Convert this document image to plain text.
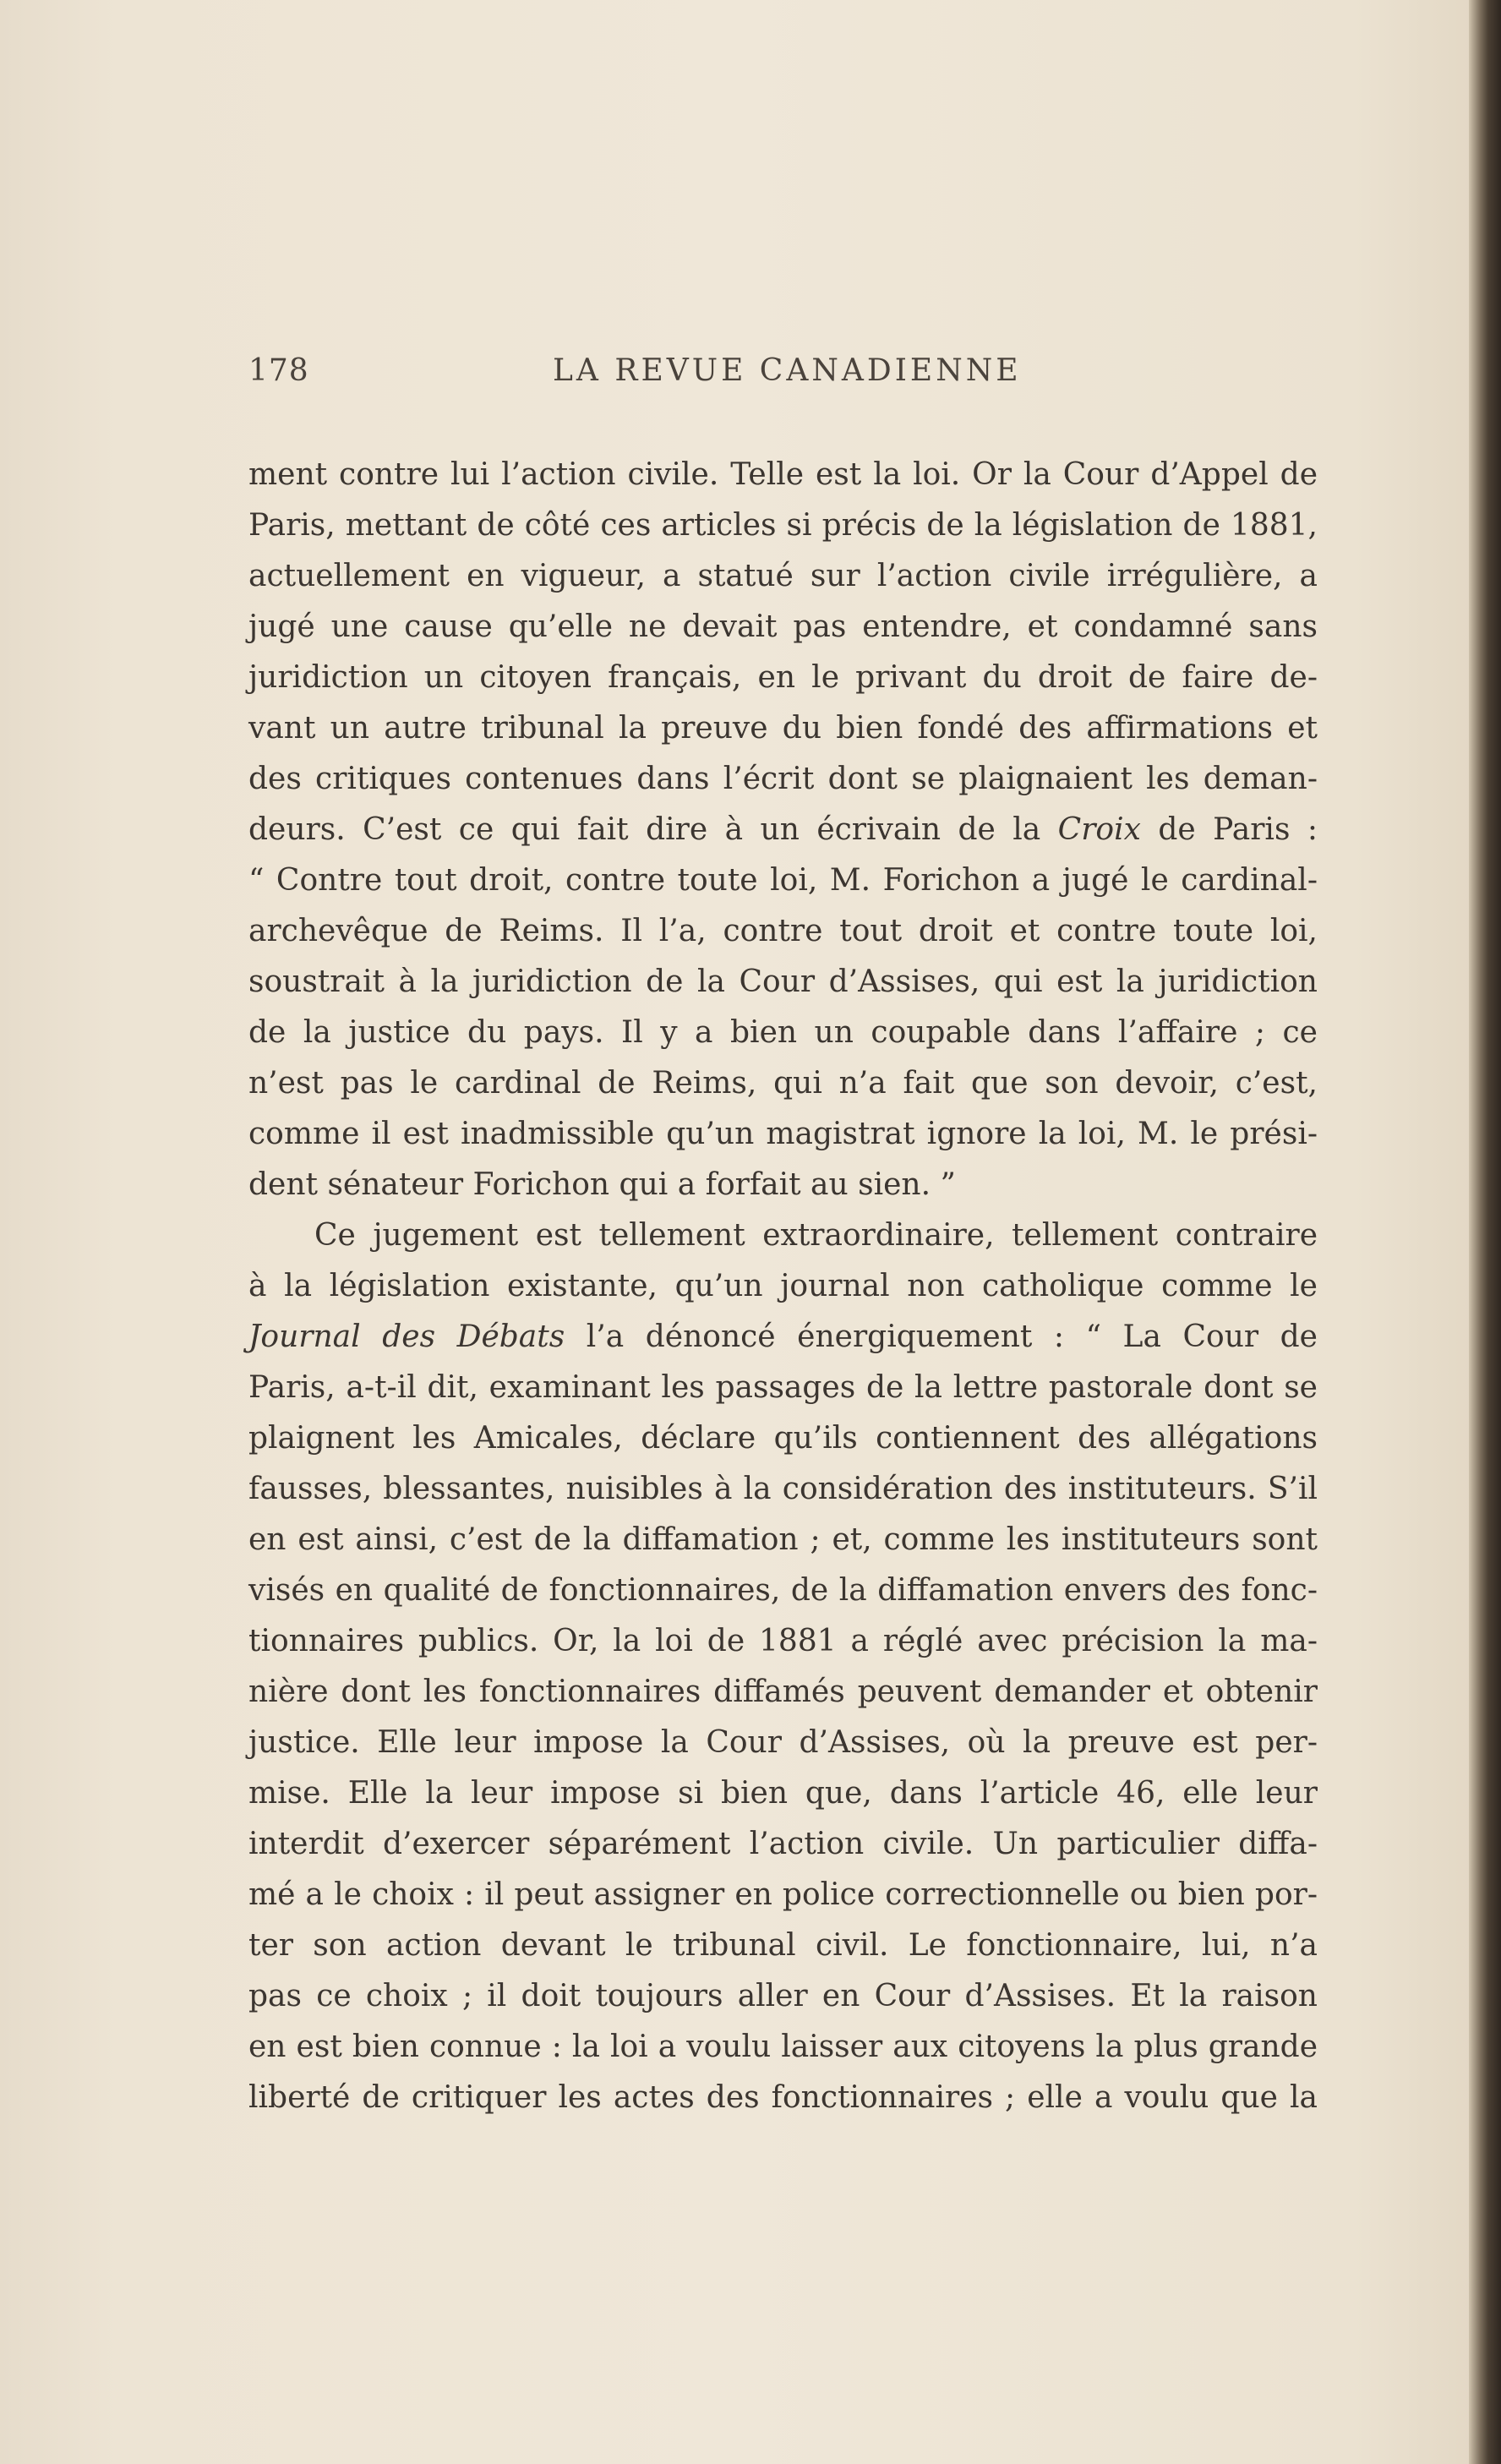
178	LA REVUE CANADIENNE
ment contre lui l’action civile. Telle est la loi. Or la Cour d’Appel de
Paris, mettant de côté ces articles si précis de la législation de 1881,
actuellement en vigueur, a statué sur l’action civile irrégulière, a
jugé une cause qu’elle ne devait pas entendre, et condamné sans
juridiction un citoyen français, en le privant du droit de faire de-
vant un autre tribunal la preuve du bien fondé des affirmations et
des critiques contenues dans l’écrit dont se plaignaient les deman-
deurs. C’est ce qui fait dire à un écrivain de la Croix de Paris :
“ Contre tout droit, contre toute loi, M. Forichon a jugé le cardinal-
archevêque de Reims. Il l’a, contre tout droit et contre toute loi,
soustrait à la juridiction de la Cour d’Assises, qui est la juridiction
de la justice du pays. Il y a bien un coupable dans l’affaire ; ce
n’est pas le cardinal de Reims, qui n’a fait que son devoir, c’est,
comme il est inadmissible qu’un magistrat ignore la loi, M. le prési-
dent sénateur Forichon qui a forfait au sien. ”
Ce jugement est tellement extraordinaire, tellement contraire
à la législation existante, qu’un journal non catholique comme le
Journal des Débats l’a dénoncé énergiquement : “ La Cour de
Paris, a-t-il dit, examinant les passages de la lettre pastorale dont se
plaignent les Amicales, déclare qu’ils contiennent des allégations
fausses, blessantes, nuisibles à la considération des instituteurs. S’il
en est ainsi, c’est de la diffamation ; et, comme les instituteurs sont
visés en qualité de fonctionnaires, de la diffamation envers des fonc-
tionnaires publics. Or, la loi de 1881 a réglé avec précision la ma-
nière dont les fonctionnaires diffamés peuvent demander et obtenir
justice. Elle leur impose la Cour d’Assises, où la preuve est per-
mise. Elle la leur impose si bien que, dans l’article 46, elle leur
interdit d’exercer séparément l’action civile. Un particulier diffa-
mé a le choix : il peut assigner en police correctionnelle ou bien por-
ter son action devant le tribunal civil. Le fonctionnaire, lui, n’a
pas ce choix ; il doit toujours aller en Cour d’Assises. Et la raison
en est bien connue : la loi a voulu laisser aux citoyens la plus grande
liberté de critiquer les actes des fonctionnaires ; elle a voulu que la
